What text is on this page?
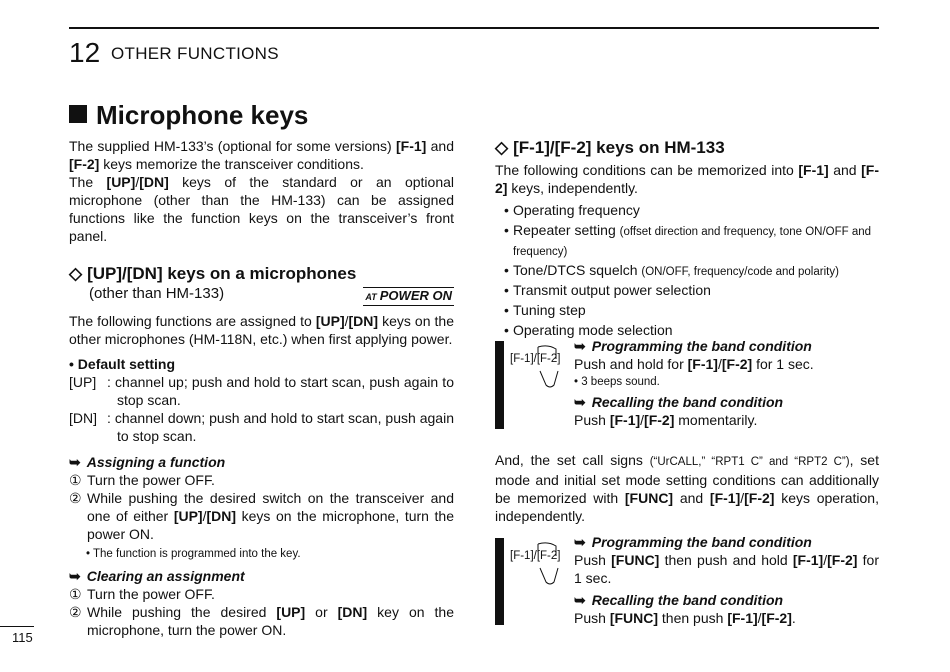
12 OTHER FUNCTIONS
Microphone keys

The supplied HM-133’s (optional for some versions) [F-1] and [F-2] keys memorize the transceiver conditions.

The [UP]/[DN] keys of the standard or an optional microphone (other than the HM-133) can be assigned functions like the function keys on the transceiver’s front panel.

◇ [UP]/[DN] keys on a microphones

(other than HM-133)	AT POWER ON

The following functions are assigned to [UP]/[DN] keys on the other microphones (HM-118N, etc.) when first applying power.

• Default setting

[UP] : channel up; push and hold to start scan, push again to stop scan.
[DN] : channel down; push and hold to start scan, push again to stop scan.

➥ Assigning a function

① Turn the power OFF.
② While pushing the desired switch on the transceiver and one of either [UP]/[DN] keys on the microphone, turn the power ON.

• The function is programmed into the key.

➥ Clearing an assignment

① Turn the power OFF.
② While pushing the desired [UP] or [DN] key on the microphone, turn the power ON.

◇ [F-1]/[F-2] keys on HM-133

The following conditions can be memorized into [F-1] and [F-2] keys, independently.

• Operating frequency
• Repeater setting (offset direction and frequency, tone ON/OFF and frequency)
• Tone/DTCS squelch (ON/OFF, frequency/code and polarity)
• Transmit output power selection
• Tuning step
• Operating mode selection
[F-1]/[F-2]

➥ Programming the band condition

Push and hold for [F-1]/[F-2] for 1 sec.

• 3 beeps sound.

➥ Recalling the band condition

Push [F-1]/[F-2] momentarily.

And, the set call signs (“UrCALL,” “RPT1 C” and “RPT2 C”), set mode and initial set mode setting conditions can additionally be memorized with [FUNC] and [F-1]/[F-2] keys operation, independently.

[F-1]/[F-2]

➥ Programming the band condition

Push [FUNC] then push and hold [F-1]/[F-2] for 1 sec.

➥ Recalling the band condition

Push [FUNC] then push [F-1]/[F-2].

115
